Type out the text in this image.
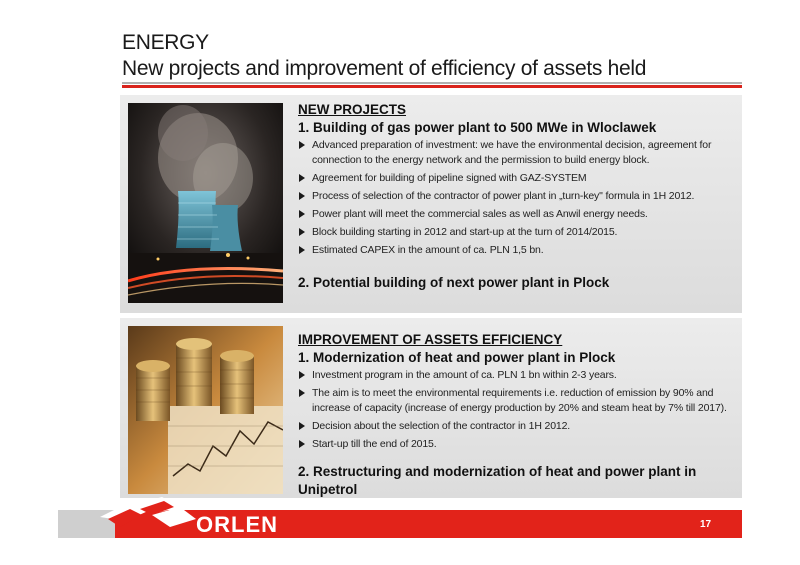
ENERGY
New projects and improvement of efficiency of assets held
NEW PROJECTS
1. Building of gas power plant to 500 MWe in Wloclawek
Advanced preparation of investment: we have the environmental decision, agreement for connection to the energy network and the permission to build energy block.
Agreement for building of pipeline signed with GAZ-SYSTEM
Process of selection of the contractor of power plant in „turn-key" formula in 1H 2012.
Power plant will meet the commercial sales as well as Anwil energy needs.
Block building starting in 2012 and start-up at the turn of 2014/2015.
Estimated CAPEX in the amount of ca. PLN 1,5 bn.
2. Potential building of next power plant in Plock
IMPROVEMENT OF ASSETS EFFICIENCY
1. Modernization of heat and power plant in Plock
Investment program in the amount of ca. PLN 1 bn within 2-3 years.
The aim is to meet the environmental requirements i.e. reduction of emission by 90% and increase of capacity (increase of energy production by 20% and steam heat by 7% till 2017).
Decision about the selection of the contractor in 1H 2012.
Start-up till the end of 2015.
2. Restructuring and modernization of heat and power plant in Unipetrol
ORLEN	17
